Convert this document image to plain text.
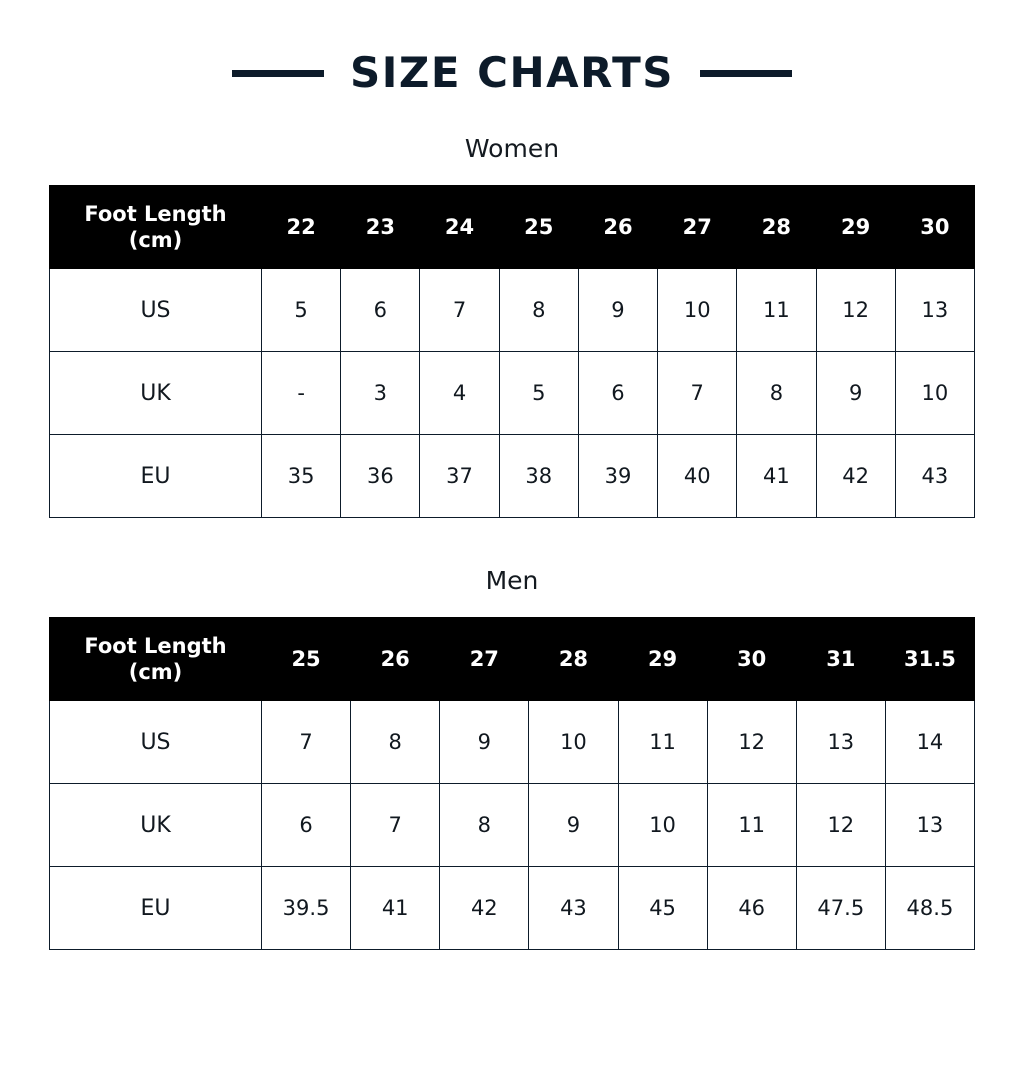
SIZE CHARTS
Women
Foot Length (cm)	22	23	24	25	26	27	28	29	30
US	5	6	7	8	9	10	11	12	13
UK	-	3	4	5	6	7	8	9	10
EU	35	36	37	38	39	40	41	42	43
Men
Foot Length (cm)	25	26	27	28	29	30	31	31.5
US	7	8	9	10	11	12	13	14
UK	6	7	8	9	10	11	12	13
EU	39.5	41	42	43	45	46	47.5	48.5
